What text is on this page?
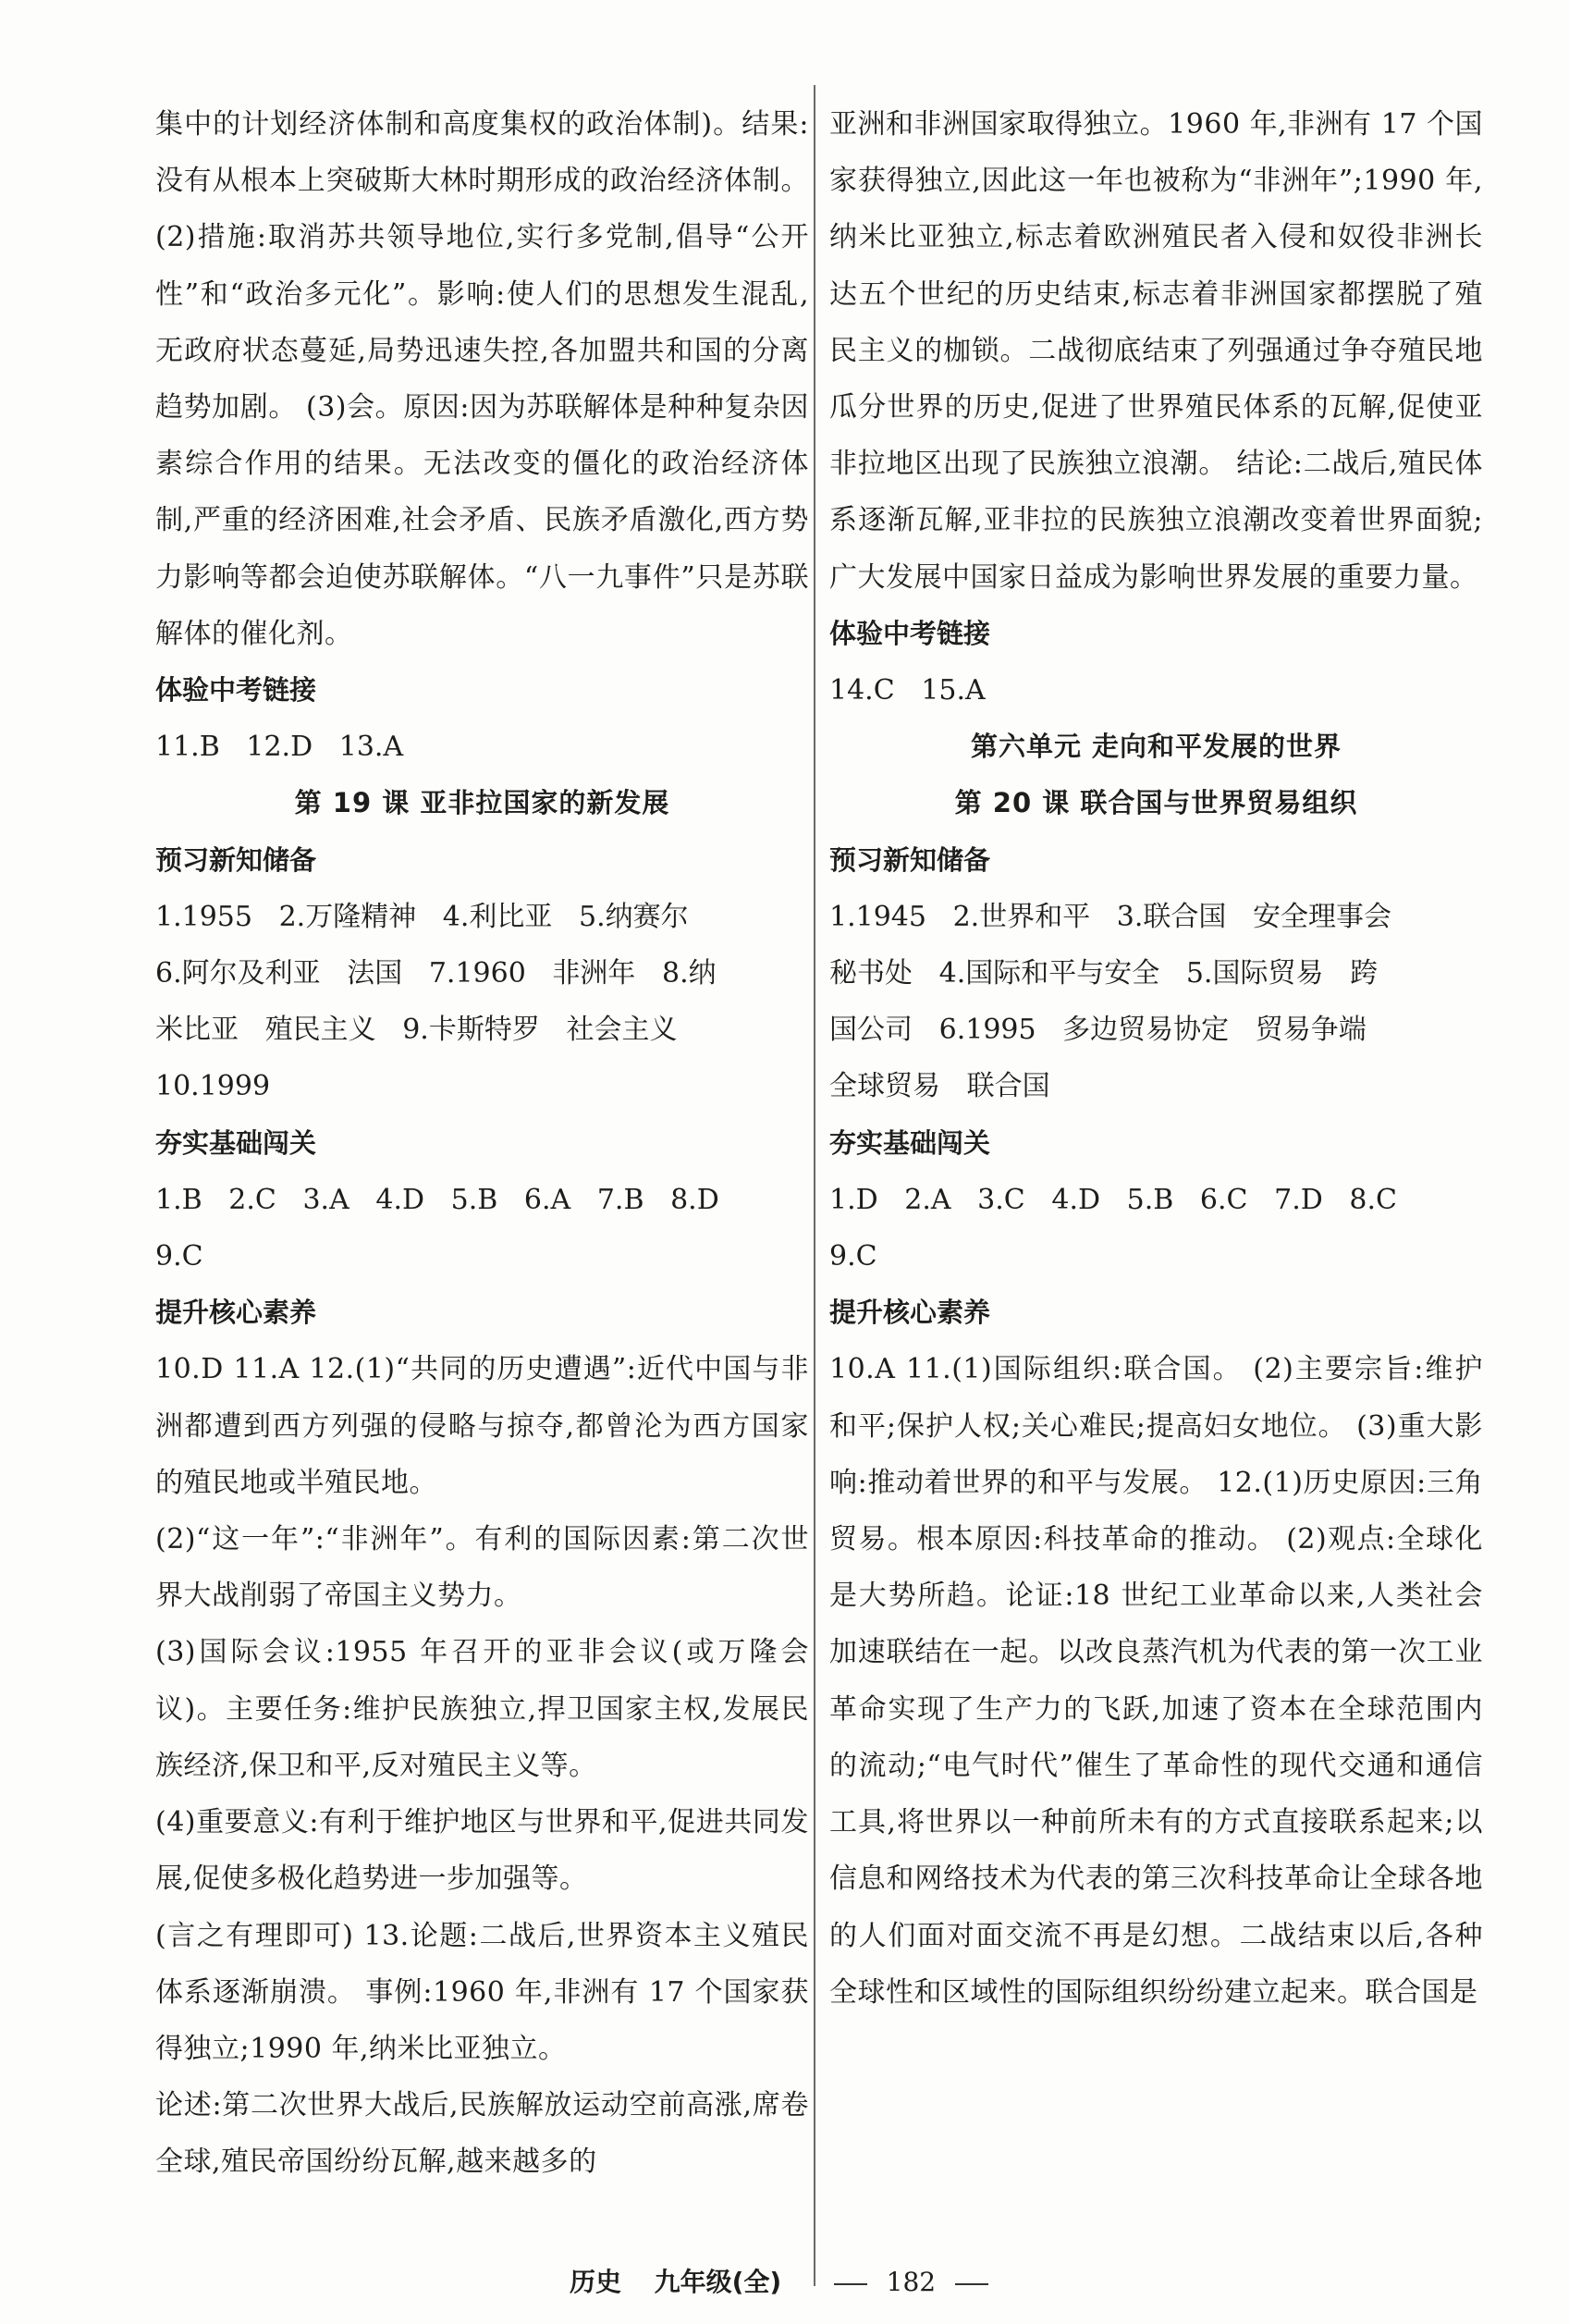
集中的计划经济体制和高度集权的政治体制)。结果:没有从根本上突破斯大林时期形成的政治经济体制。 (2)措施:取消苏共领导地位,实行多党制,倡导“公开性”和“政治多元化”。影响:使人们的思想发生混乱,无政府状态蔓延,局势迅速失控,各加盟共和国的分离趋势加剧。 (3)会。原因:因为苏联解体是种种复杂因素综合作用的结果。无法改变的僵化的政治经济体制,严重的经济困难,社会矛盾、民族矛盾激化,西方势力影响等都会迫使苏联解体。“八一九事件”只是苏联解体的催化剂。

体验中考链接

11.B   12.D   13.A

第 19 课 亚非拉国家的新发展

预习新知储备

1.1955   2.万隆精神   4.利比亚   5.纳赛尔

6.阿尔及利亚   法国   7.1960   非洲年   8.纳

米比亚   殖民主义   9.卡斯特罗   社会主义

10.1999

夯实基础闯关

1.B   2.C   3.A   4.D   5.B   6.A   7.B   8.D

9.C

提升核心素养

10.D 11.A 12.(1)“共同的历史遭遇”:近代中国与非洲都遭到西方列强的侵略与掠夺,都曾沦为西方国家的殖民地或半殖民地。

(2)“这一年”:“非洲年”。有利的国际因素:第二次世界大战削弱了帝国主义势力。

(3)国际会议:1955 年召开的亚非会议(或万隆会议)。主要任务:维护民族独立,捍卫国家主权,发展民族经济,保卫和平,反对殖民主义等。

(4)重要意义:有利于维护地区与世界和平,促进共同发展,促使多极化趋势进一步加强等。

(言之有理即可) 13.论题:二战后,世界资本主义殖民体系逐渐崩溃。 事例:1960 年,非洲有 17 个国家获得独立;1990 年,纳米比亚独立。

论述:第二次世界大战后,民族解放运动空前高涨,席卷全球,殖民帝国纷纷瓦解,越来越多的

亚洲和非洲国家取得独立。1960 年,非洲有 17 个国家获得独立,因此这一年也被称为“非洲年”;1990 年,纳米比亚独立,标志着欧洲殖民者入侵和奴役非洲长达五个世纪的历史结束,标志着非洲国家都摆脱了殖民主义的枷锁。二战彻底结束了列强通过争夺殖民地瓜分世界的历史,促进了世界殖民体系的瓦解,促使亚非拉地区出现了民族独立浪潮。 结论:二战后,殖民体系逐渐瓦解,亚非拉的民族独立浪潮改变着世界面貌;广大发展中国家日益成为影响世界发展的重要力量。

体验中考链接

14.C   15.A

第六单元 走向和平发展的世界

第 20 课 联合国与世界贸易组织

预习新知储备

1.1945   2.世界和平   3.联合国   安全理事会

秘书处   4.国际和平与安全   5.国际贸易   跨

国公司   6.1995   多边贸易协定   贸易争端

全球贸易   联合国

夯实基础闯关

1.D   2.A   3.C   4.D   5.B   6.C   7.D   8.C

9.C

提升核心素养

10.A 11.(1)国际组织:联合国。 (2)主要宗旨:维护和平;保护人权;关心难民;提高妇女地位。 (3)重大影响:推动着世界的和平与发展。 12.(1)历史原因:三角贸易。根本原因:科技革命的推动。 (2)观点:全球化是大势所趋。论证:18 世纪工业革命以来,人类社会加速联结在一起。以改良蒸汽机为代表的第一次工业革命实现了生产力的飞跃,加速了资本在全球范围内的流动;“电气时代”催生了革命性的现代交通和通信工具,将世界以一种前所未有的方式直接联系起来;以信息和网络技术为代表的第三次科技革命让全球各地的人们面对面交流不再是幻想。二战结束以后,各种全球性和区域性的国际组织纷纷建立起来。联合国是

历史 九年级(全)	182
